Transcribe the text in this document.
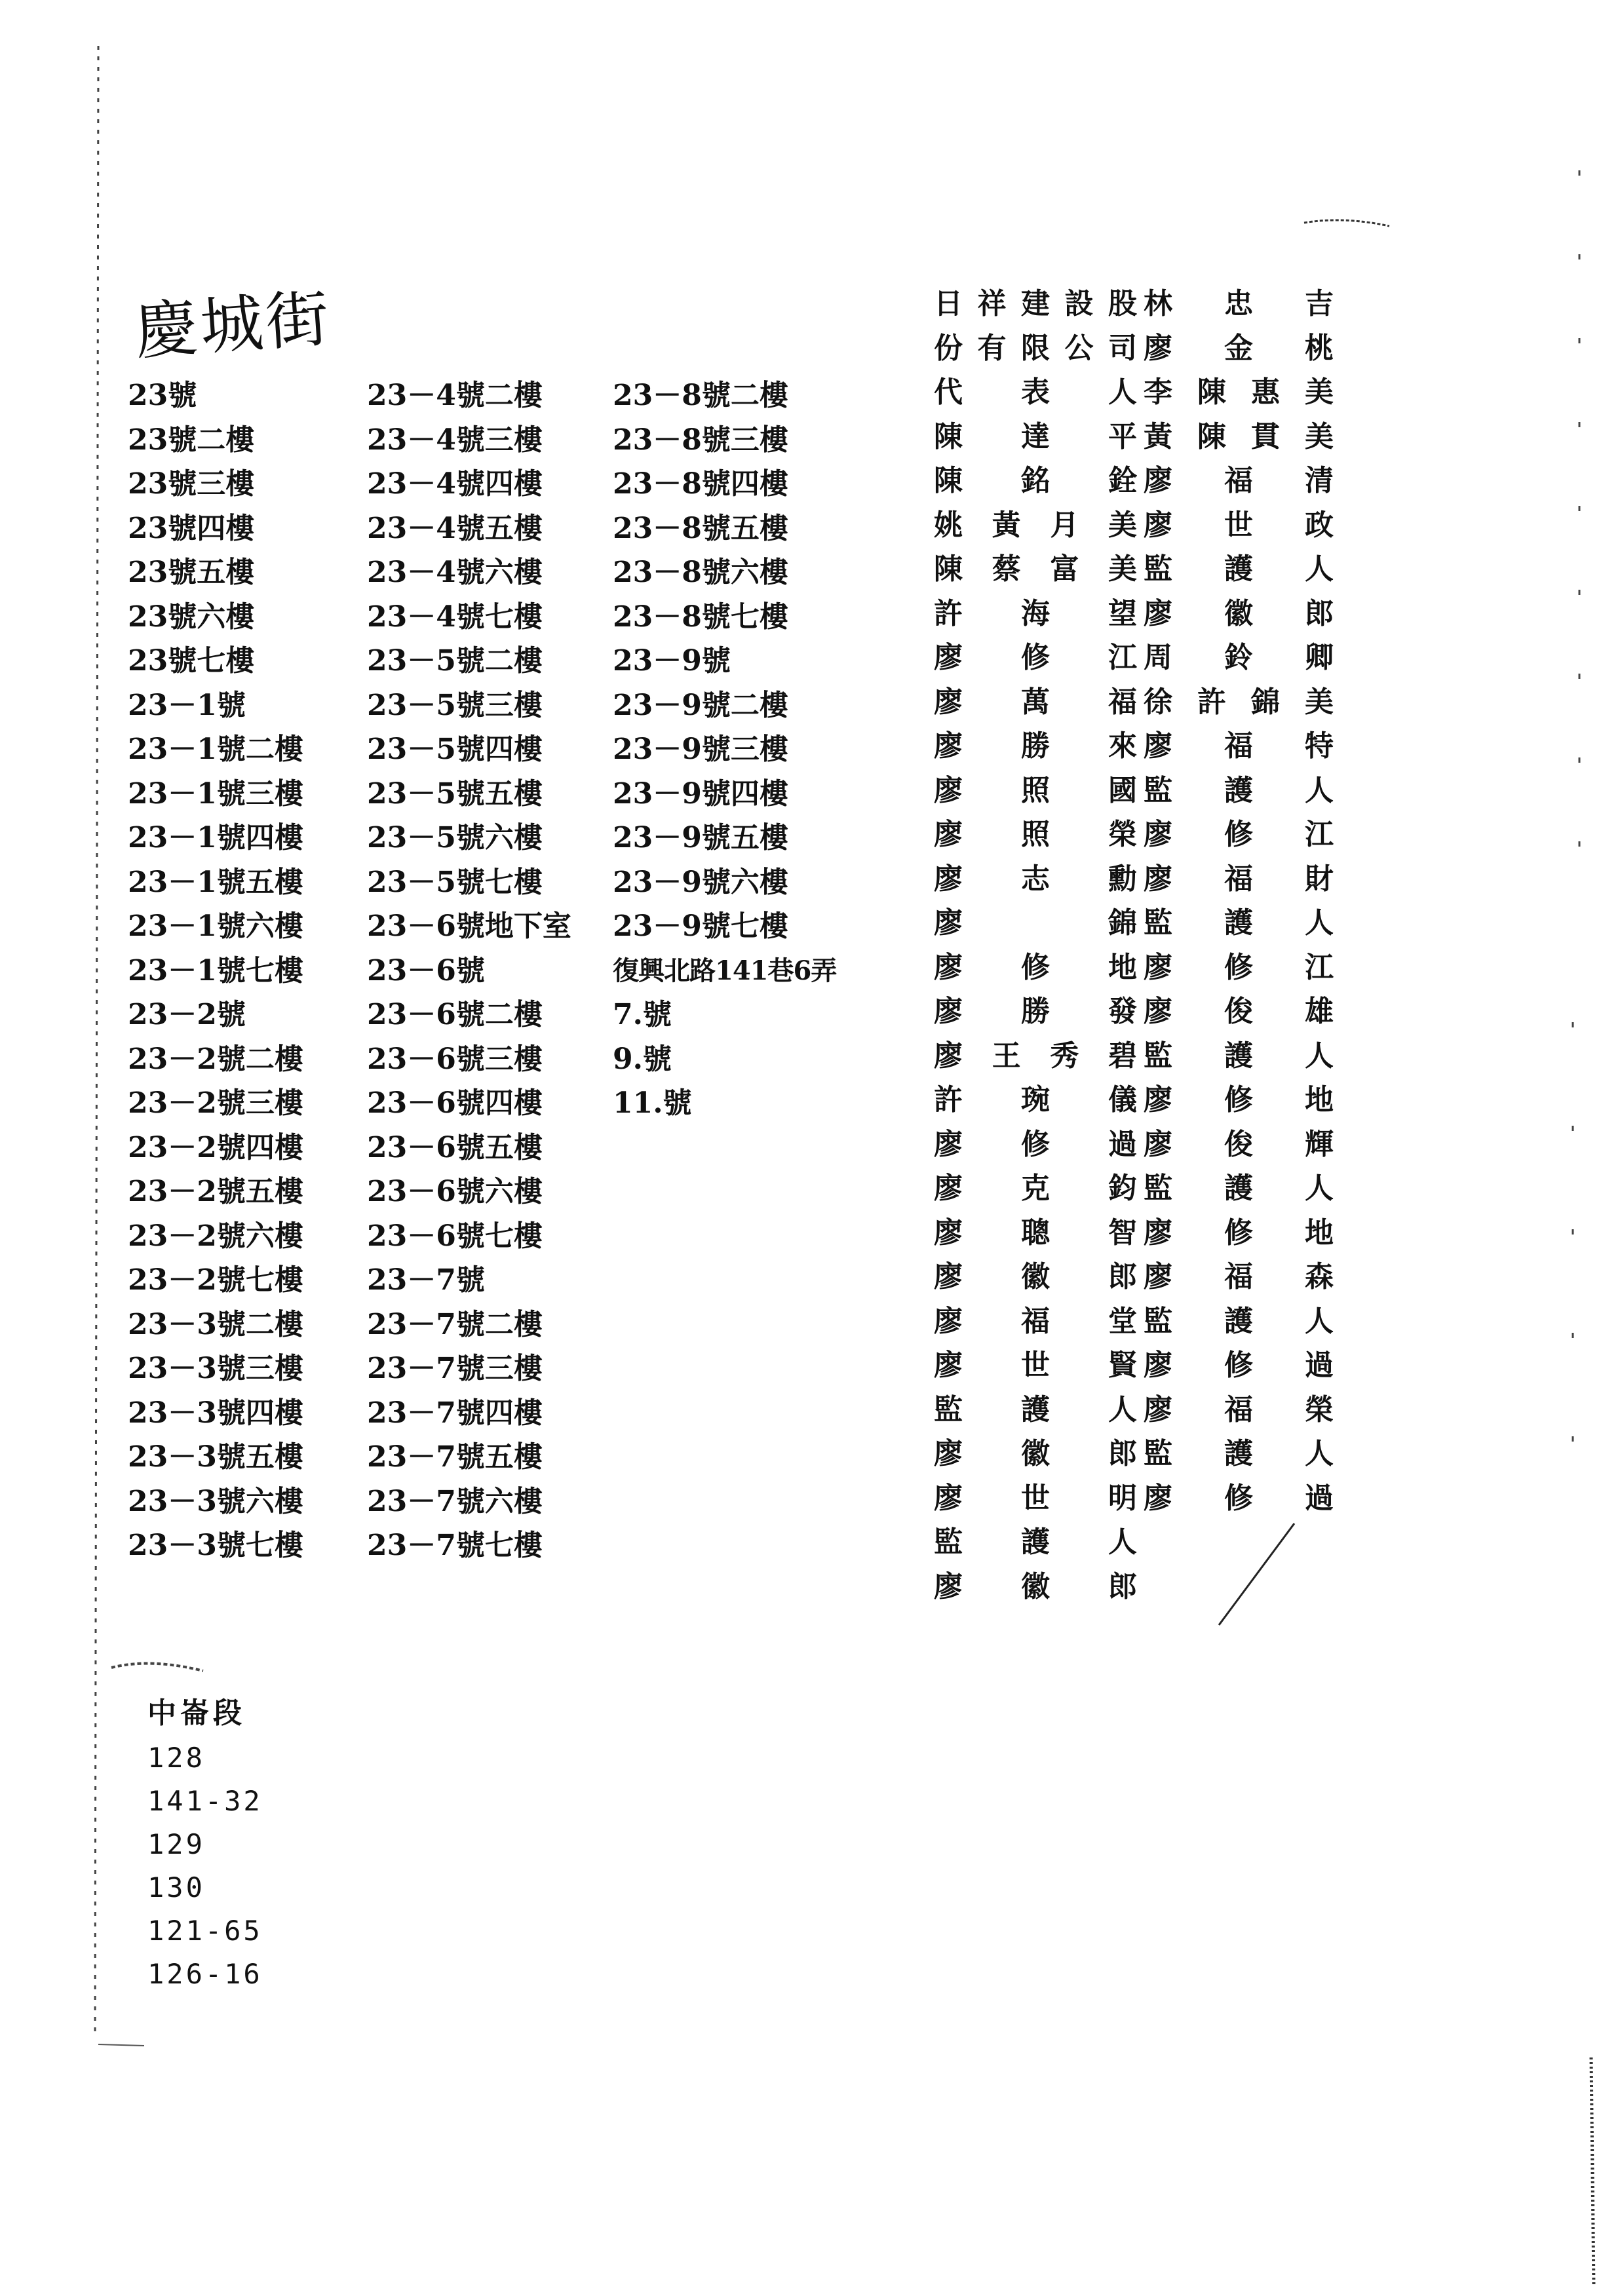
慶城街
23號
23號二樓
23號三樓
23號四樓
23號五樓
23號六樓
23號七樓
23－1號
23－1號二樓
23－1號三樓
23－1號四樓
23－1號五樓
23－1號六樓
23－1號七樓
23－2號
23－2號二樓
23－2號三樓
23－2號四樓
23－2號五樓
23－2號六樓
23－2號七樓
23－3號二樓
23－3號三樓
23－3號四樓
23－3號五樓
23－3號六樓
23－3號七樓
23－4號二樓
23－4號三樓
23－4號四樓
23－4號五樓
23－4號六樓
23－4號七樓
23－5號二樓
23－5號三樓
23－5號四樓
23－5號五樓
23－5號六樓
23－5號七樓
23－6號地下室
23－6號
23－6號二樓
23－6號三樓
23－6號四樓
23－6號五樓
23－6號六樓
23－6號七樓
23－7號
23－7號二樓
23－7號三樓
23－7號四樓
23－7號五樓
23－7號六樓
23－7號七樓
23－8號二樓
23－8號三樓
23－8號四樓
23－8號五樓
23－8號六樓
23－8號七樓
23－9號
23－9號二樓
23－9號三樓
23－9號四樓
23－9號五樓
23－9號六樓
23－9號七樓
復興北路141巷6弄
7.號
9.號
11.號
日 祥 建 設 股
份 有 限 公 司
代 表 人
陳 達 平
陳 銘 銓
姚 黃 月 美
陳 蔡 富 美
許 海 望
廖 修 江
廖 萬 福
廖 勝 來
廖 照 國
廖 照 榮
廖 志 勳
廖	錦
廖 修 地
廖 勝 發
廖 王 秀 碧
許 琬 儀
廖 修 過
廖 克 鈞
廖 聰 智
廖 徽 郎
廖 福 堂
廖 世 賢
監 護 人
廖 徽 郎
廖 世 明
監 護 人
廖 徽 郎
林 忠 吉
廖 金 桃
李 陳 惠 美
黃 陳 貫 美
廖 福 清
廖 世 政
監 護 人
廖 徽 郎
周 鈴 卿
徐 許 錦 美
廖 福 特
監 護 人
廖 修 江
廖 福 財
監 護 人
廖 修 江
廖 俊 雄
監 護 人
廖 修 地
廖 俊 輝
監 護 人
廖 修 地
廖 福 森
監 護 人
廖 修 過
廖 福 榮
監 護 人
廖 修 過
中崙段
128
141-32
129
130
121-65
126-16
